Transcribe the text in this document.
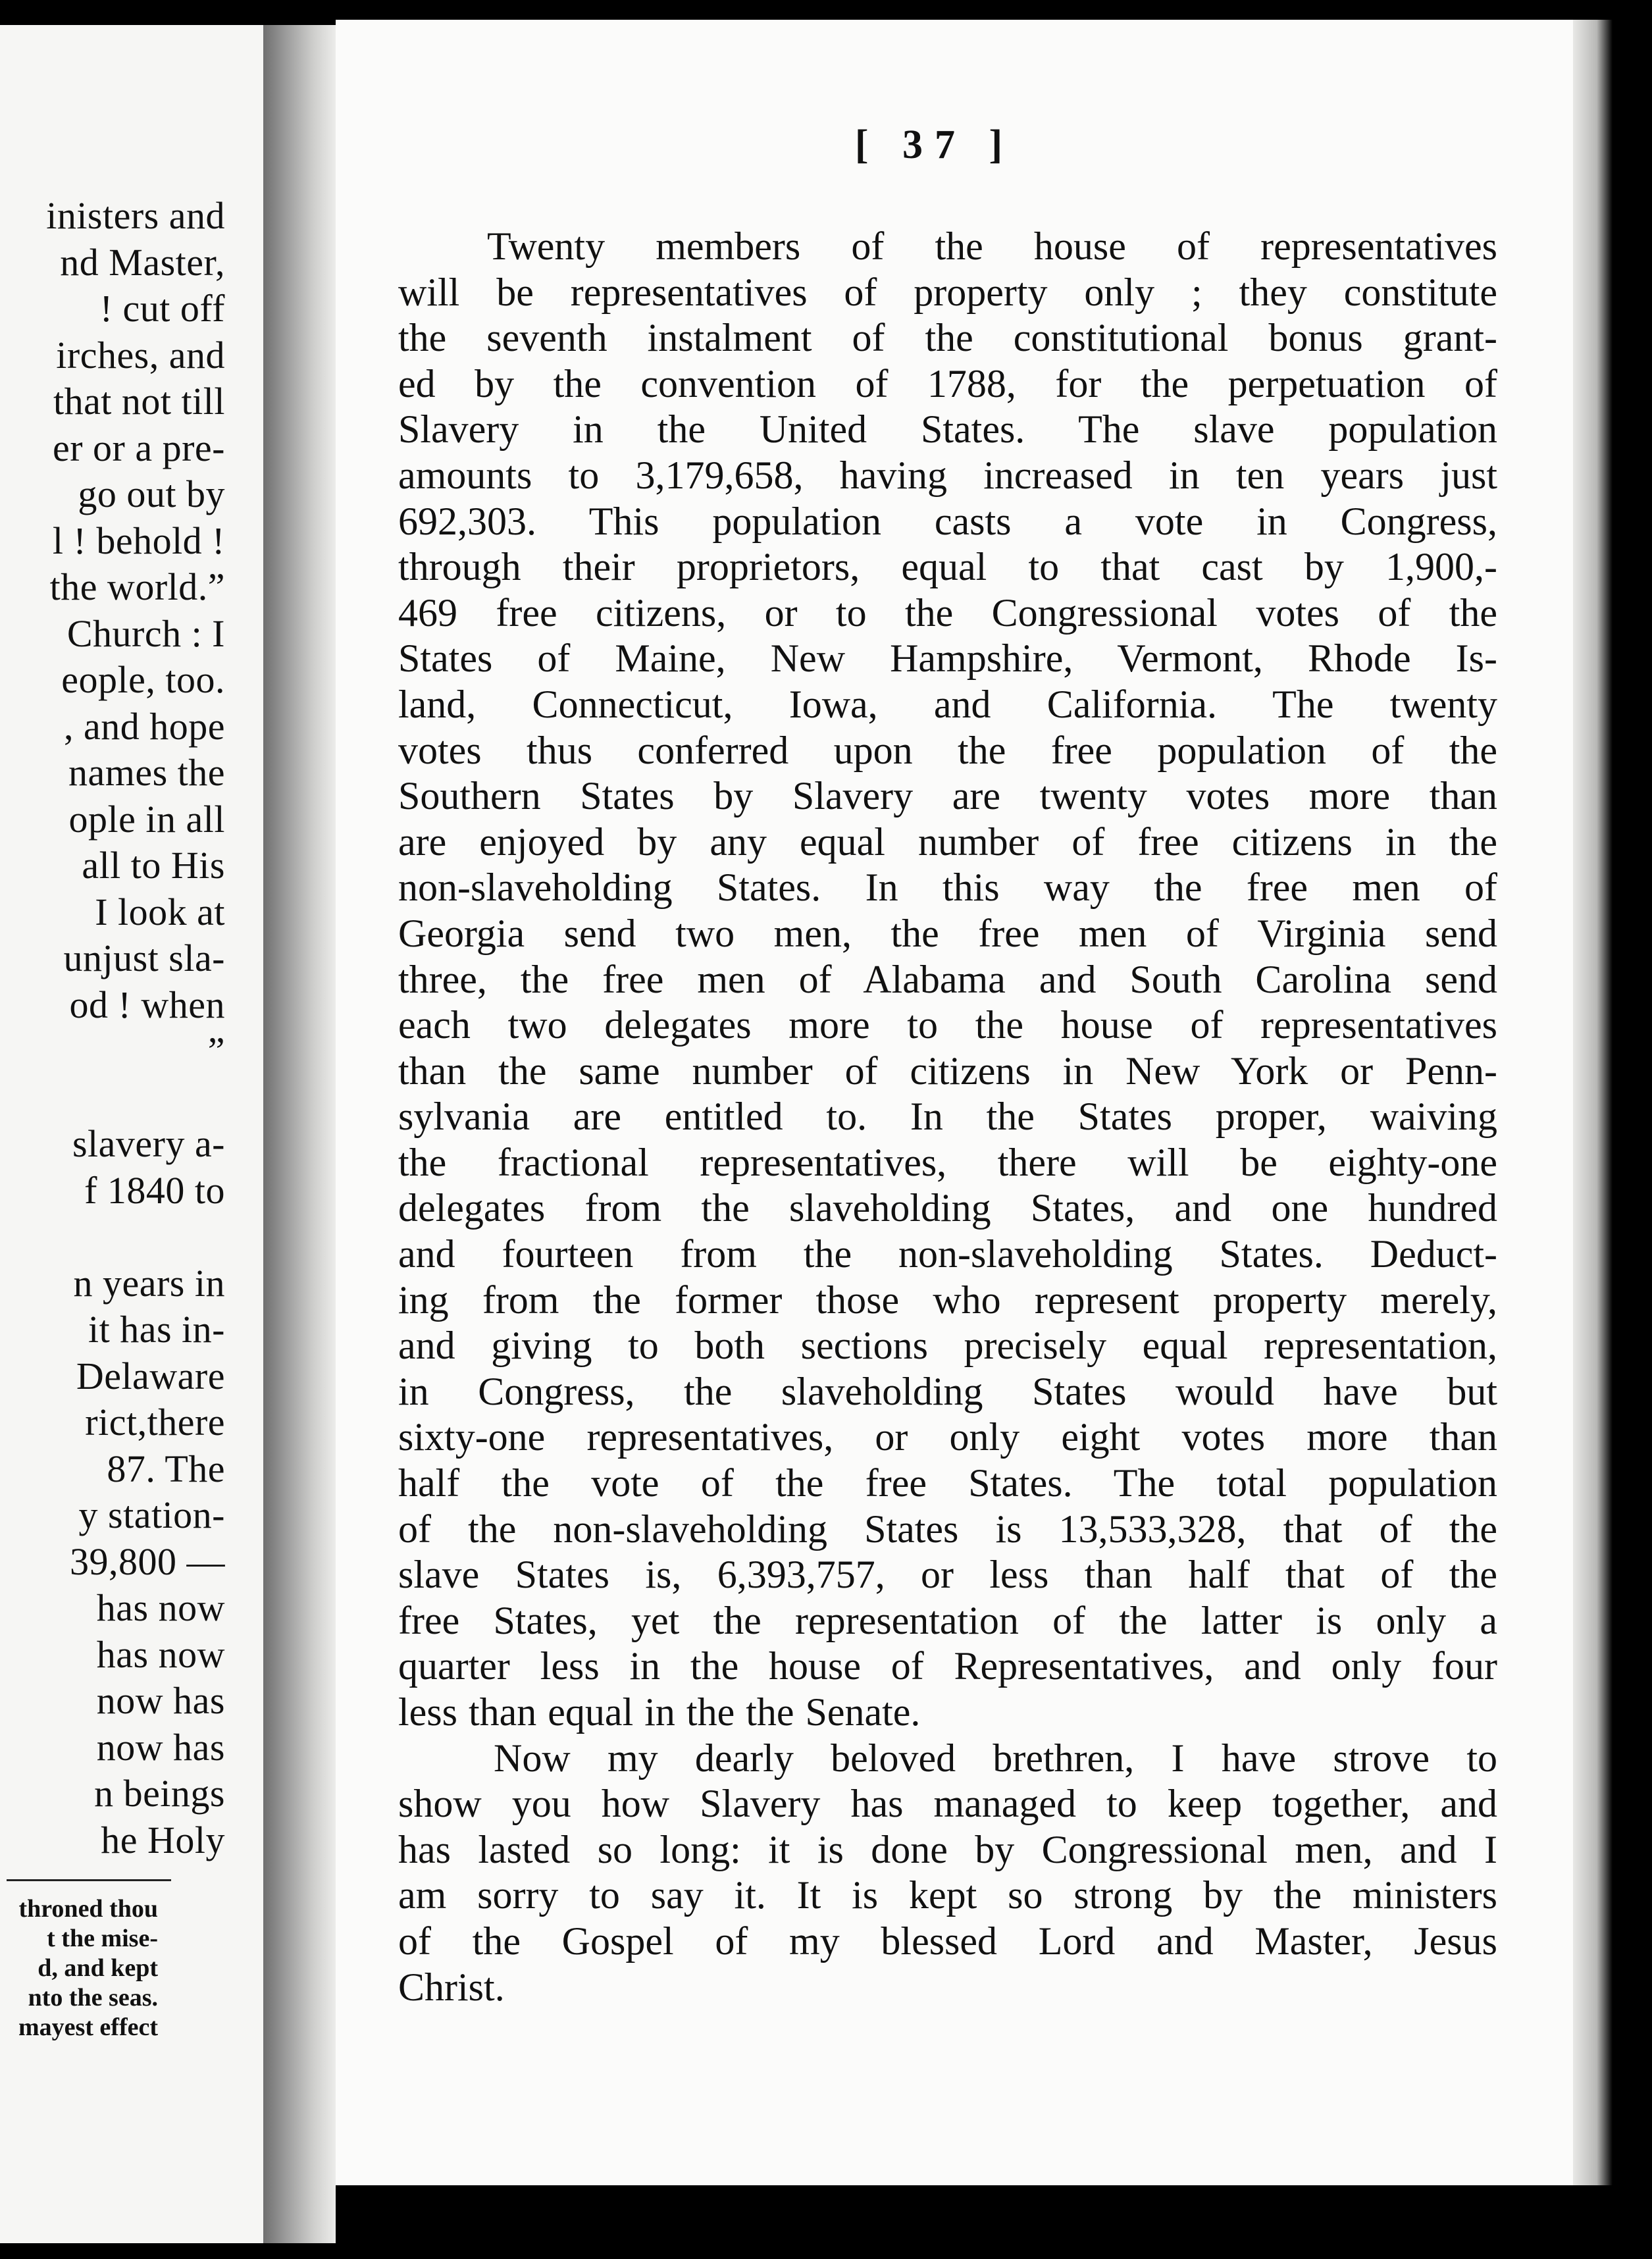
inisters and
nd Master,
! cut off
irches, and
that not till
er or a pre-
go out by
l ! behold !
the world.”
Church : I
eople, too.
, and hope
names the
ople in all
all to His
I look at
unjust sla-
od ! when
”
slavery a-
f 1840 to
n years in
it has in-
Delaware
rict,there
87. The
y station-
39,800 —
has now
has now
now has
now has
n beings
he Holy
throned thou
t the mise-
d, and kept
nto the seas.
mayest effect
[ 37 ]
Twenty members of the house of representatives
will be representatives of property only ; they constitute
the seventh instalment of the constitutional bonus grant-
ed by the convention of 1788, for the perpetuation of
Slavery in the United States. The slave population
amounts to 3,179,658, having increased in ten years just
692,303. This population casts a vote in Congress,
through their proprietors, equal to that cast by 1,900,-
469 free citizens, or to the Congressional votes of the
States of Maine, New Hampshire, Vermont, Rhode Is-
land, Connecticut, Iowa, and California. The twenty
votes thus conferred upon the free population of the
Southern States by Slavery are twenty votes more than
are enjoyed by any equal number of free citizens in the
non-slaveholding States. In this way the free men of
Georgia send two men, the free men of Virginia send
three, the free men of Alabama and South Carolina send
each two delegates more to the house of representatives
than the same number of citizens in New York or Penn-
sylvania are entitled to. In the States proper, waiving
the fractional representatives, there will be eighty-one
delegates from the slaveholding States, and one hundred
and fourteen from the non-slaveholding States. Deduct-
ing from the former those who represent property merely,
and giving to both sections precisely equal representation,
in Congress, the slaveholding States would have but
sixty-one representatives, or only eight votes more than
half the vote of the free States. The total population
of the non-slaveholding States is 13,533,328, that of the
slave States is, 6,393,757, or less than half that of the
free States, yet the representation of the latter is only a
quarter less in the house of Representatives, and only four
less than equal in the the Senate.
Now my dearly beloved brethren, I have strove to
show you how Slavery has managed to keep together, and
has lasted so long: it is done by Congressional men, and I
am sorry to say it. It is kept so strong by the ministers
of the Gospel of my blessed Lord and Master, Jesus
Christ.
